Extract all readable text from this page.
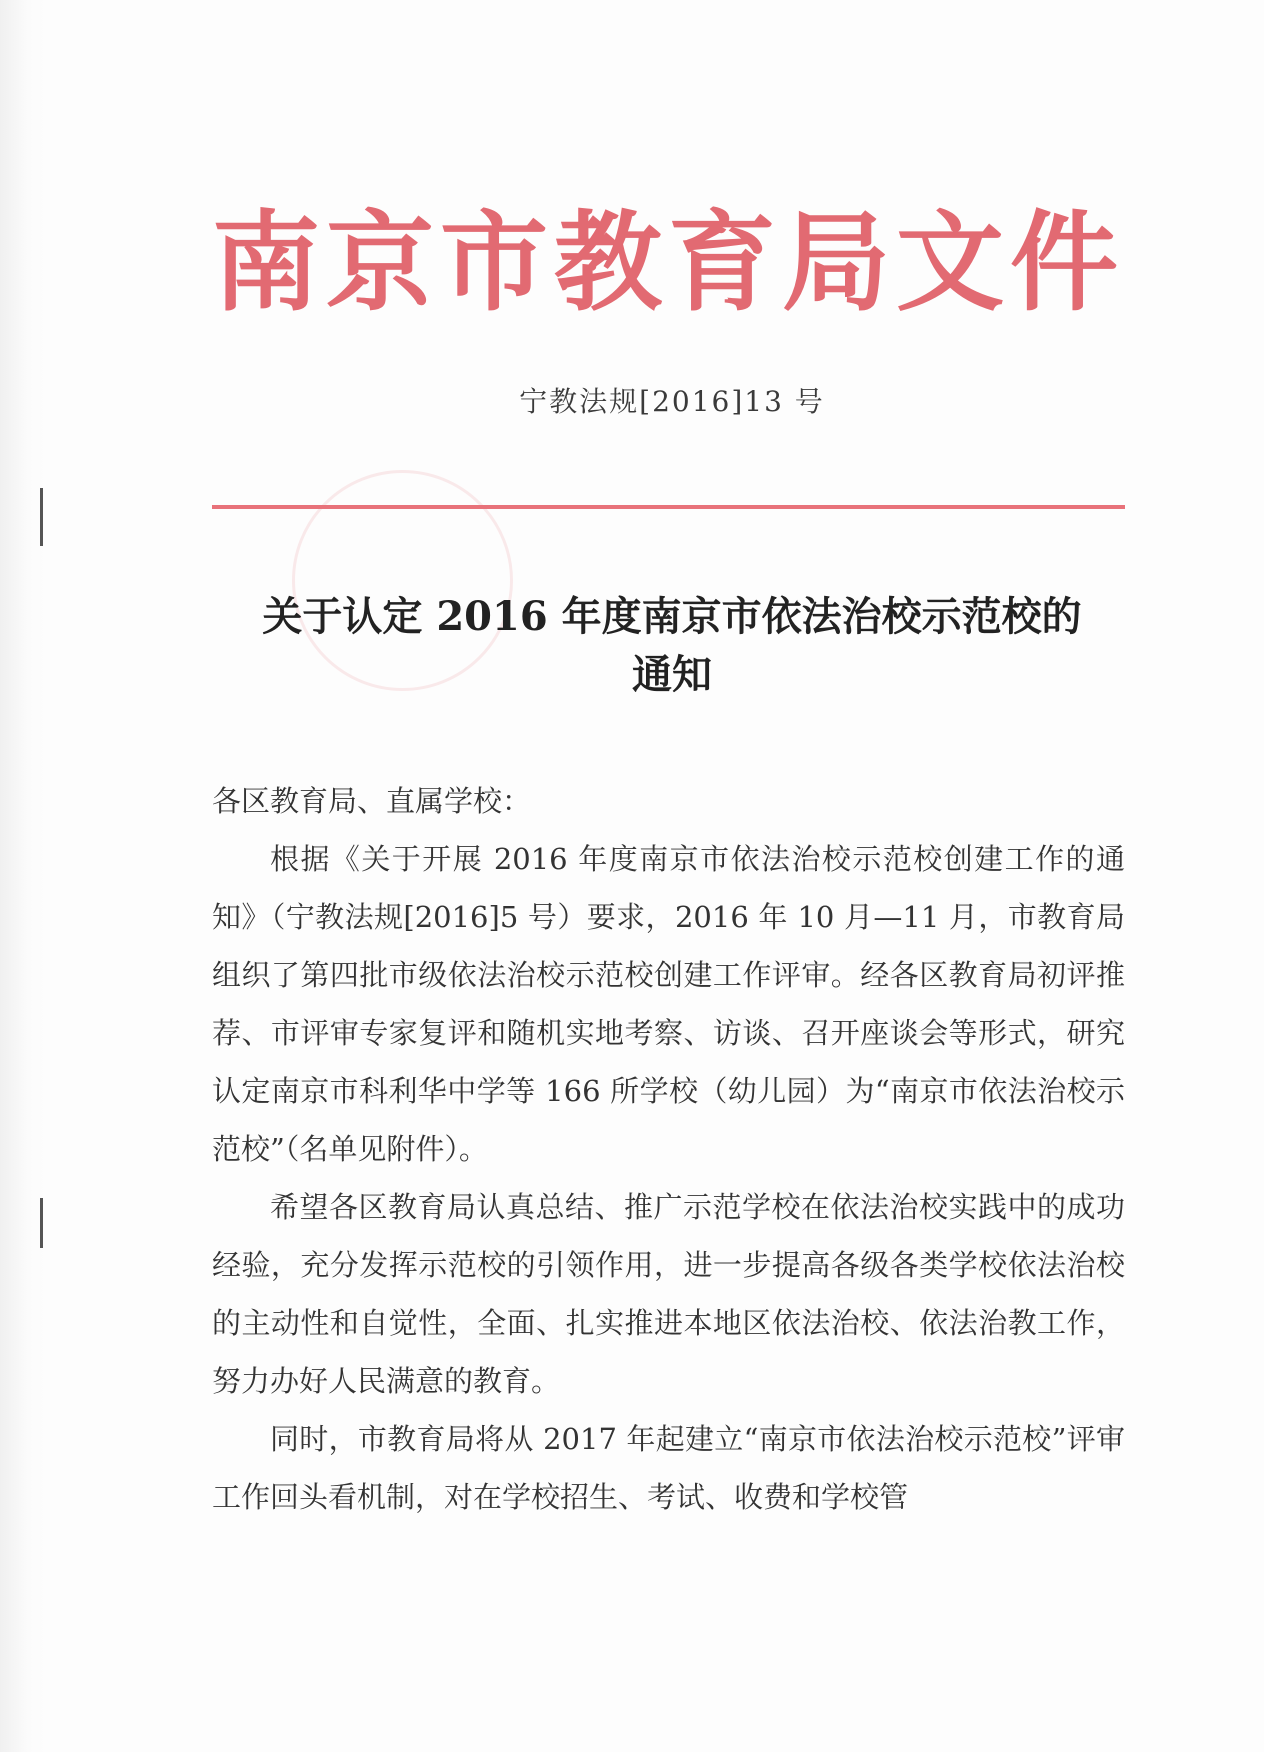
南京市教育局文件
宁教法规[2016]13 号
关于认定 2016 年度南京市依法治校示范校的
通知

各区教育局、直属学校：

根据《关于开展 2016 年度南京市依法治校示范校创建工作的通知》（宁教法规[2016]5 号）要求，2016 年 10 月—11 月，市教育局组织了第四批市级依法治校示范校创建工作评审。经各区教育局初评推荐、市评审专家复评和随机实地考察、访谈、召开座谈会等形式，研究认定南京市科利华中学等 166 所学校（幼儿园）为“南京市依法治校示范校”（名单见附件）。

希望各区教育局认真总结、推广示范学校在依法治校实践中的成功经验，充分发挥示范校的引领作用，进一步提高各级各类学校依法治校的主动性和自觉性，全面、扎实推进本地区依法治校、依法治教工作，努力办好人民满意的教育。

同时，市教育局将从 2017 年起建立“南京市依法治校示范校”评审工作回头看机制，对在学校招生、考试、收费和学校管
